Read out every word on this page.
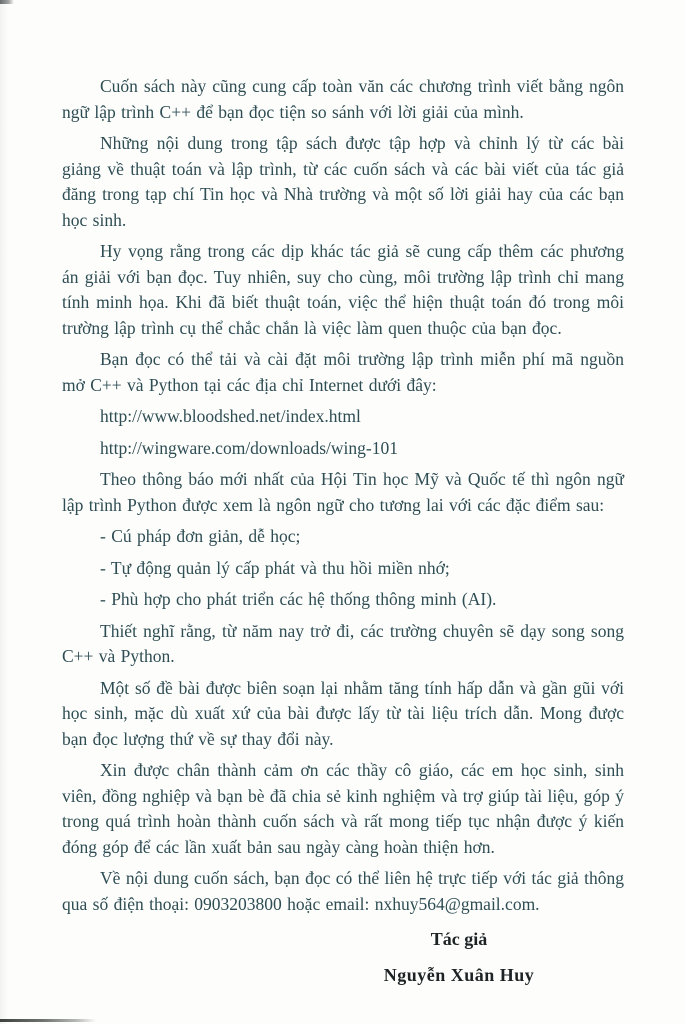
Cuốn sách này cũng cung cấp toàn văn các chương trình viết bằng ngôn ngữ lập trình C++ để bạn đọc tiện so sánh với lời giải của mình.

Những nội dung trong tập sách được tập hợp và chỉnh lý từ các bài giảng về thuật toán và lập trình, từ các cuốn sách và các bài viết của tác giả đăng trong tạp chí Tin học và Nhà trường và một số lời giải hay của các bạn học sinh.

Hy vọng rằng trong các dịp khác tác giả sẽ cung cấp thêm các phương án giải với bạn đọc. Tuy nhiên, suy cho cùng, môi trường lập trình chỉ mang tính minh họa. Khi đã biết thuật toán, việc thể hiện thuật toán đó trong môi trường lập trình cụ thể chắc chắn là việc làm quen thuộc của bạn đọc.

Bạn đọc có thể tải và cài đặt môi trường lập trình miễn phí mã nguồn mở C++ và Python tại các địa chỉ Internet dưới đây:

http://www.bloodshed.net/index.html

http://wingware.com/downloads/wing-101

Theo thông báo mới nhất của Hội Tin học Mỹ và Quốc tế thì ngôn ngữ lập trình Python được xem là ngôn ngữ cho tương lai với các đặc điểm sau:

- Cú pháp đơn giản, dễ học;

- Tự động quản lý cấp phát và thu hồi miền nhớ;

- Phù hợp cho phát triển các hệ thống thông minh (AI).

Thiết nghĩ rằng, từ năm nay trở đi, các trường chuyên sẽ dạy song song C++ và Python.

Một số đề bài được biên soạn lại nhằm tăng tính hấp dẫn và gần gũi với học sinh, mặc dù xuất xứ của bài được lấy từ tài liệu trích dẫn. Mong được bạn đọc lượng thứ về sự thay đổi này.

Xin được chân thành cảm ơn các thầy cô giáo, các em học sinh, sinh viên, đồng nghiệp và bạn bè đã chia sẻ kinh nghiệm và trợ giúp tài liệu, góp ý trong quá trình hoàn thành cuốn sách và rất mong tiếp tục nhận được ý kiến đóng góp để các lần xuất bản sau ngày càng hoàn thiện hơn.

Về nội dung cuốn sách, bạn đọc có thể liên hệ trực tiếp với tác giả thông qua số điện thoại: 0903203800 hoặc email: nxhuy564@gmail.com.

Tác giả

Nguyễn Xuân Huy
